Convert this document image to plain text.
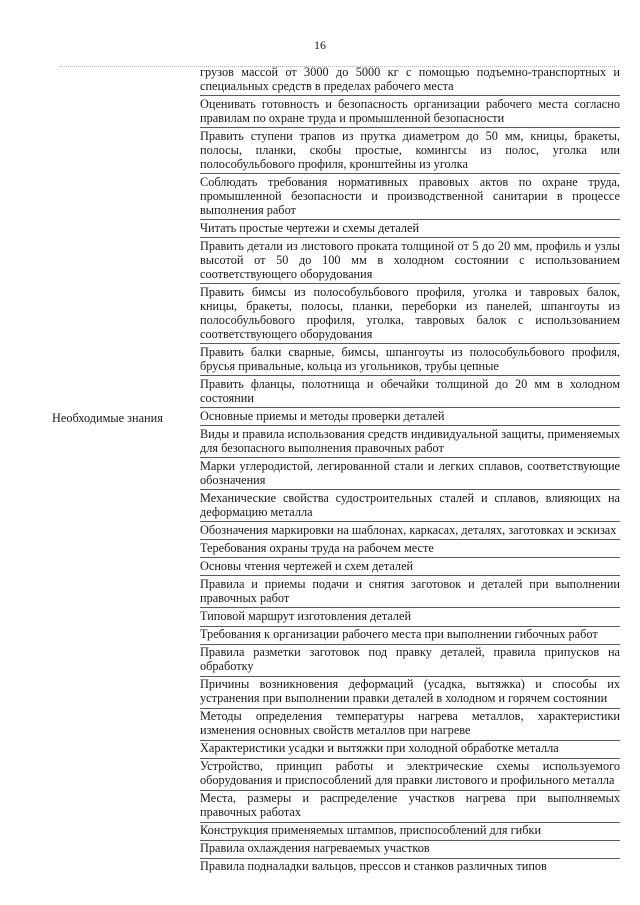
16
грузов массой от 3000 до 5000 кг с помощью подъемно-транспортных и специальных средств в пределах рабочего места
Оценивать готовность и безопасность организации рабочего места согласно правилам по охране труда и промышленной безопасности
Править ступени трапов из прутка диаметром до 50 мм, кницы, бракеты, полосы, планки, скобы простые, комингсы из полос, уголка или полособульбового профиля, кронштейны из уголка
Соблюдать требования нормативных правовых актов по охране труда, промышленной безопасности и производственной санитарии в процессе выполнения работ
Читать простые чертежи и схемы деталей
Править детали из листового проката толщиной от 5 до 20 мм, профиль и узлы высотой от 50 до 100 мм в холодном состоянии с использованием соответствующего оборудования
Править бимсы из полособульбового профиля, уголка и тавровых балок, кницы, бракеты, полосы, планки, переборки из панелей, шпангоуты из полособульбового профиля, уголка, тавровых балок с использованием соответствующего оборудования
Править балки сварные, бимсы, шпангоуты из полособульбового профиля, брусья привальные, кольца из угольников, трубы цепные
Править фланцы, полотнища и обечайки толщиной до 20 мм в холодном состоянии
Необходимые знания	Основные приемы и методы проверки деталей
Виды и правила использования средств индивидуальной защиты, применяемых для безопасного выполнения правочных работ
Марки углеродистой, легированной стали и легких сплавов, соответствующие обозначения
Механические свойства судостроительных сталей и сплавов, влияющих на деформацию металла
Обозначения маркировки на шаблонах, каркасах, деталях, заготовках и эскизах
Теребования охраны труда на рабочем месте
Основы чтения чертежей и схем деталей
Правила и приемы подачи и снятия заготовок и деталей при выполнении правочных работ
Типовой маршрут изготовления деталей
Требования к организации рабочего места при выполнении гибочных работ
Правила разметки заготовок под правку деталей, правила припусков на обработку
Причины возникновения деформаций (усадка, вытяжка) и способы их устранения при выполнении правки деталей в холодном и горячем состоянии
Методы определения температуры нагрева металлов, характеристики изменения основных свойств металлов при нагреве
Характеристики усадки и вытяжки при холодной обработке металла
Устройство, принцип работы и электрические схемы используемого оборудования и приспособлений для правки листового и профильного металла
Места, размеры и распределение участков нагрева при выполняемых правочных работах
Конструкция применяемых штампов, приспособлений для гибки
Правила охлаждения нагреваемых участков
Правила подналадки вальцов, прессов и станков различных типов
